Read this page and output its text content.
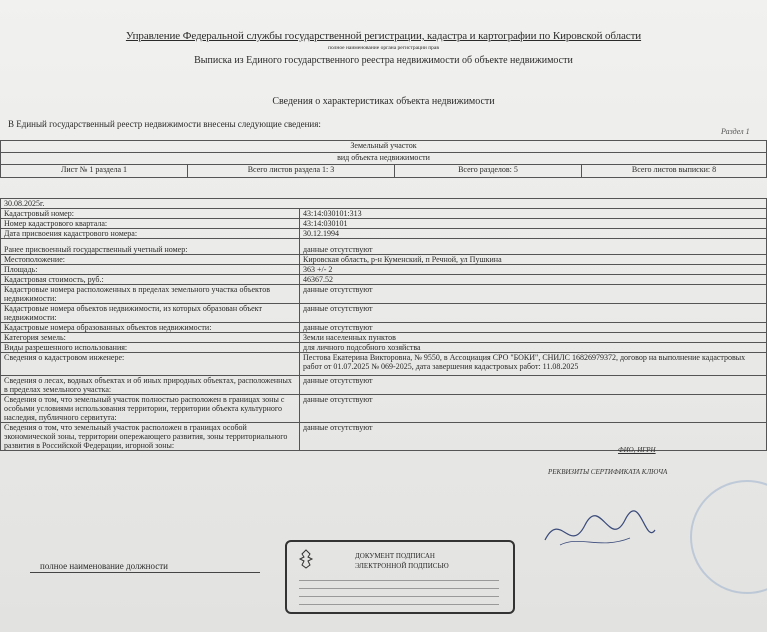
Управление Федеральной службы государственной регистрации, кадастра и картографии по Кировской области
полное наименование органа регистрации прав
Выписка из Единого государственного реестра недвижимости об объекте недвижимости
Сведения о характеристиках объекта недвижимости
В Единый государственный реестр недвижимости внесены следующие сведения:
Раздел 1
Земельный участок
вид объекта недвижимости
Лист № 1 раздела 1	Всего листов раздела 1: 3	Всего разделов: 5	Всего листов выписки: 8
30.08.2025г.	
Кадастровый номер:	43:14:030101:313
Номер кадастрового квартала:	43:14:030101
Дата присвоения кадастрового номера:	30.12.1994
Ранее присвоенный государственный учетный номер:	данные отсутствуют
Местоположение:	Кировская область, р-н Куменский, п Речной, ул Пушкина
Площадь:	363 +/- 2
Кадастровая стоимость, руб.:	46367.52
Кадастровые номера расположенных в пределах земельного участка объектов недвижимости:	данные отсутствуют
Кадастровые номера объектов недвижимости, из которых образован объект недвижимости:	данные отсутствуют
Кадастровые номера образованных объектов недвижимости:	данные отсутствуют
Категория земель:	Земли населенных пунктов
Виды разрешенного использования:	для личного подсобного хозяйства
Сведения о кадастровом инженере:	Пестова Екатерина Викторовна, № 9550, в Ассоциация СРО "БОКИ", СНИЛС 16826979372, договор на выполнение кадастровых работ от 01.07.2025 № 069-2025, дата завершения кадастровых работ: 11.08.2025
Сведения о лесах, водных объектах и об иных природных объектах, расположенных в пределах земельного участка:	данные отсутствуют
Сведения о том, что земельный участок полностью расположен в границах зоны с особыми условиями использования территории, территории объекта культурного наследия, публичного сервитута:	данные отсутствуют
Сведения о том, что земельный участок расположен в границах особой экономической зоны, территории опережающего развития, зоны территориального развития в Российской Федерации, игорной зоны:	данные отсутствуют
полное наименование должности
ДОКУМЕНТ ПОДПИСАН
ЭЛЕКТРОННОЙ ПОДПИСЬЮ
ФИО, ИГРН
РЕКВИЗИТЫ СЕРТИФИКАТА КЛЮЧА
